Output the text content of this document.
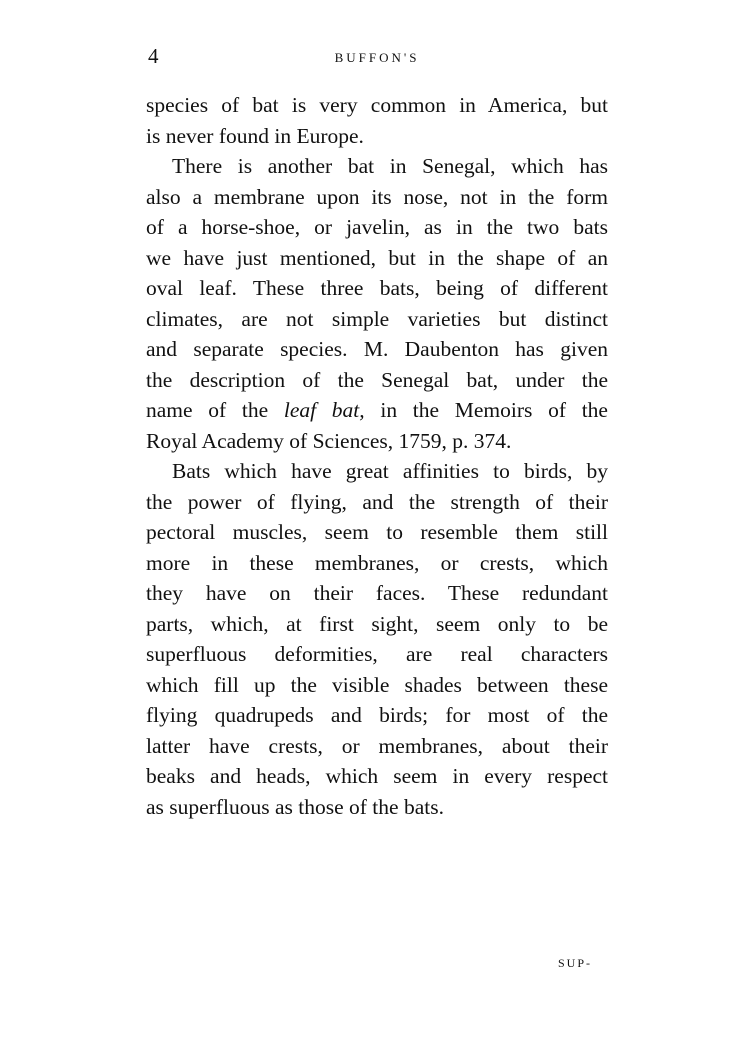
4	BUFFON'S

species of bat is very common in America, but
is never found in Europe.

There is another bat in Senegal, which has
also a membrane upon its nose, not in the form
of a horse-shoe, or javelin, as in the two bats
we have just mentioned, but in the shape of an
oval leaf. These three bats, being of different
climates, are not simple varieties but distinct
and separate species. M. Daubenton has given
the description of the Senegal bat, under the
name of the leaf bat, in the Memoirs of the
Royal Academy of Sciences, 1759, p. 374.

Bats which have great affinities to birds, by
the power of flying, and the strength of their
pectoral muscles, seem to resemble them still
more in these membranes, or crests, which
they have on their faces. These redundant
parts, which, at first sight, seem only to be
superfluous deformities, are real characters
which fill up the visible shades between these
flying quadrupeds and birds; for most of the
latter have crests, or membranes, about their
beaks and heads, which seem in every respect
as superfluous as those of the bats.

SUP-
